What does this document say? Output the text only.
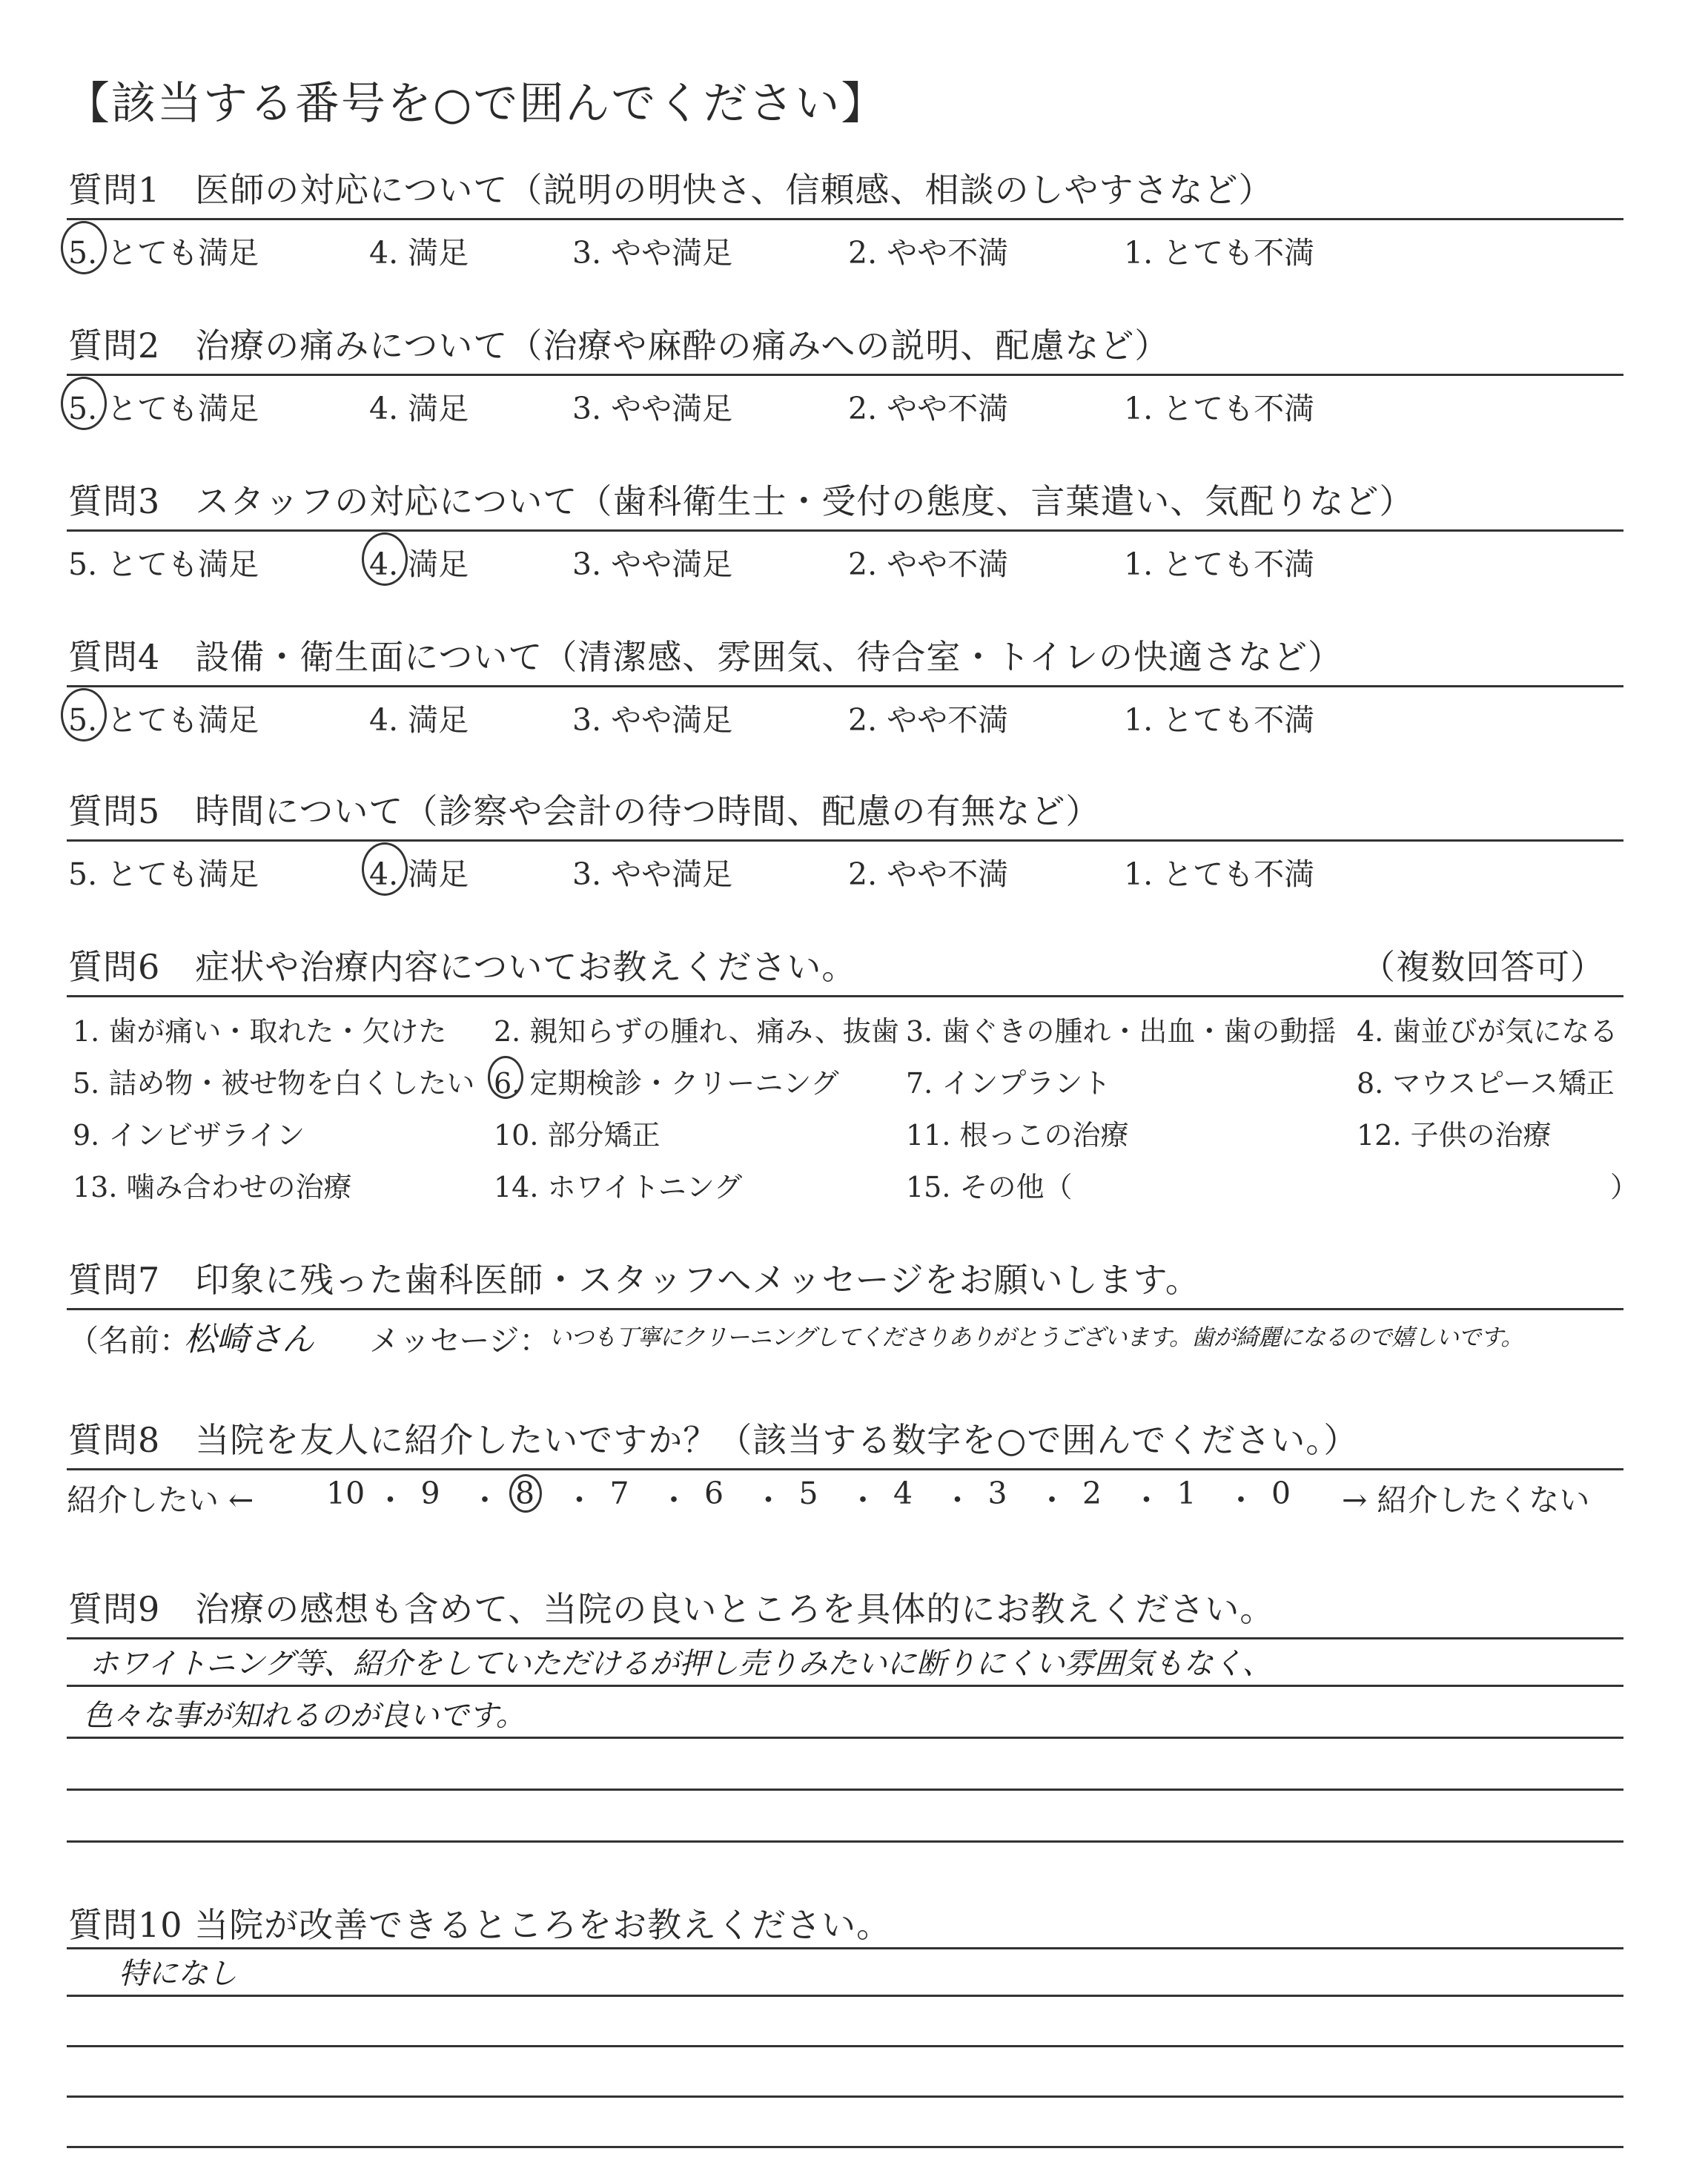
【該当する番号を○で囲んでください】
質問1　医師の対応について（説明の明快さ、信頼感、相談のしやすさなど）
5. とても満足	4. 満足	3. やや満足	2. やや不満	1. とても不満
質問2　治療の痛みについて（治療や麻酔の痛みへの説明、配慮など）
5. とても満足	4. 満足	3. やや満足	2. やや不満	1. とても不満
質問3　スタッフの対応について（歯科衛生士・受付の態度、言葉遣い、気配りなど）
5. とても満足	4. 満足	3. やや満足	2. やや不満	1. とても不満
質問4　設備・衛生面について（清潔感、雰囲気、待合室・トイレの快適さなど）
5. とても満足	4. 満足	3. やや満足	2. やや不満	1. とても不満
質問5　時間について（診察や会計の待つ時間、配慮の有無など）
5. とても満足	4. 満足	3. やや満足	2. やや不満	1. とても不満
質問6　症状や治療内容についてお教えください。	（複数回答可）
1. 歯が痛い・取れた・欠けた 2. 親知らずの腫れ、痛み、抜歯 3. 歯ぐきの腫れ・出血・歯の動揺 4. 歯並びが気になる
5. 詰め物・被せ物を白くしたい 6. 定期検診・クリーニング 7. インプラント	8. マウスピース矯正
9. インビザライン	10. 部分矯正	11. 根っこの治療	12. 子供の治療
13. 噛み合わせの治療	14. ホワイトニング	15. その他（	）
質問7　印象に残った歯科医師・スタッフへメッセージをお願いします。
（名前：
松崎さん メッセージ：
いつも丁寧にクリーニングしてくださりありがとうございます。歯が綺麗になるので嬉しいです。
質問8　当院を友人に紹介したいですか？（該当する数字を○で囲んでください。）
紹介したい ← 10 ・ 9 ・ 8 ・ 7 ・ 6 ・ 5 ・ 4 ・ 3 ・ 2 ・ 1 ・ 0 → 紹介したくない
質問9　治療の感想も含めて、当院の良いところを具体的にお教えください。
ホワイトニング等、紹介をしていただけるが押し売りみたいに断りにくい雰囲気もなく、
色々な事が知れるのが良いです。
質問10 当院が改善できるところをお教えください。
特になし
